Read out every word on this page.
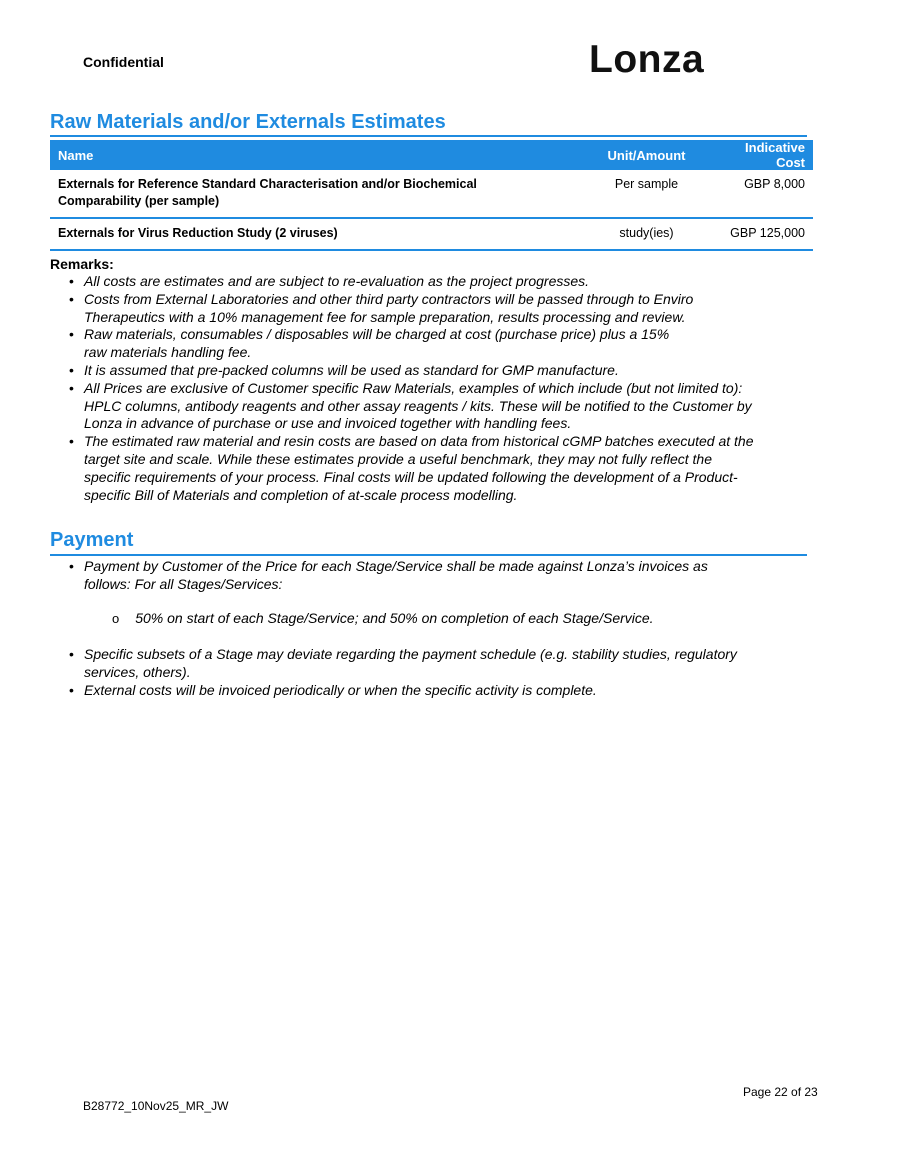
Confidential	Lonza
Raw Materials and/or Externals Estimates
Name	Unit/Amount	Indicative Cost
Externals for Reference Standard Characterisation and/or Biochemical
Comparability (per sample)	Per sample	GBP 8,000
Externals for Virus Reduction Study (2 viruses)	study(ies)	GBP 125,000
Remarks:
• All costs are estimates and are subject to re-evaluation as the project progresses.
• Costs from External Laboratories and other third party contractors will be passed through to Enviro
Therapeutics with a 10% management fee for sample preparation, results processing and review.
• Raw materials, consumables / disposables will be charged at cost (purchase price) plus a 15%
raw materials handling fee.
• It is assumed that pre-packed columns will be used as standard for GMP manufacture.
• All Prices are exclusive of Customer specific Raw Materials, examples of which include (but not limited to):
HPLC columns, antibody reagents and other assay reagents / kits. These will be notified to the Customer by
Lonza in advance of purchase or use and invoiced together with handling fees.
• The estimated raw material and resin costs are based on data from historical cGMP batches executed at the
target site and scale. While these estimates provide a useful benchmark, they may not fully reflect the
specific requirements of your process. Final costs will be updated following the development of a Product-
specific Bill of Materials and completion of at-scale process modelling.
Payment
• Payment by Customer of the Price for each Stage/Service shall be made against Lonza’s invoices as
follows: For all Stages/Services:
o 50% on start of each Stage/Service; and 50% on completion of each Stage/Service.
• Specific subsets of a Stage may deviate regarding the payment schedule (e.g. stability studies, regulatory
services, others).
• External costs will be invoiced periodically or when the specific activity is complete.
Page 22 of 23
B28772_10Nov25_MR_JW
